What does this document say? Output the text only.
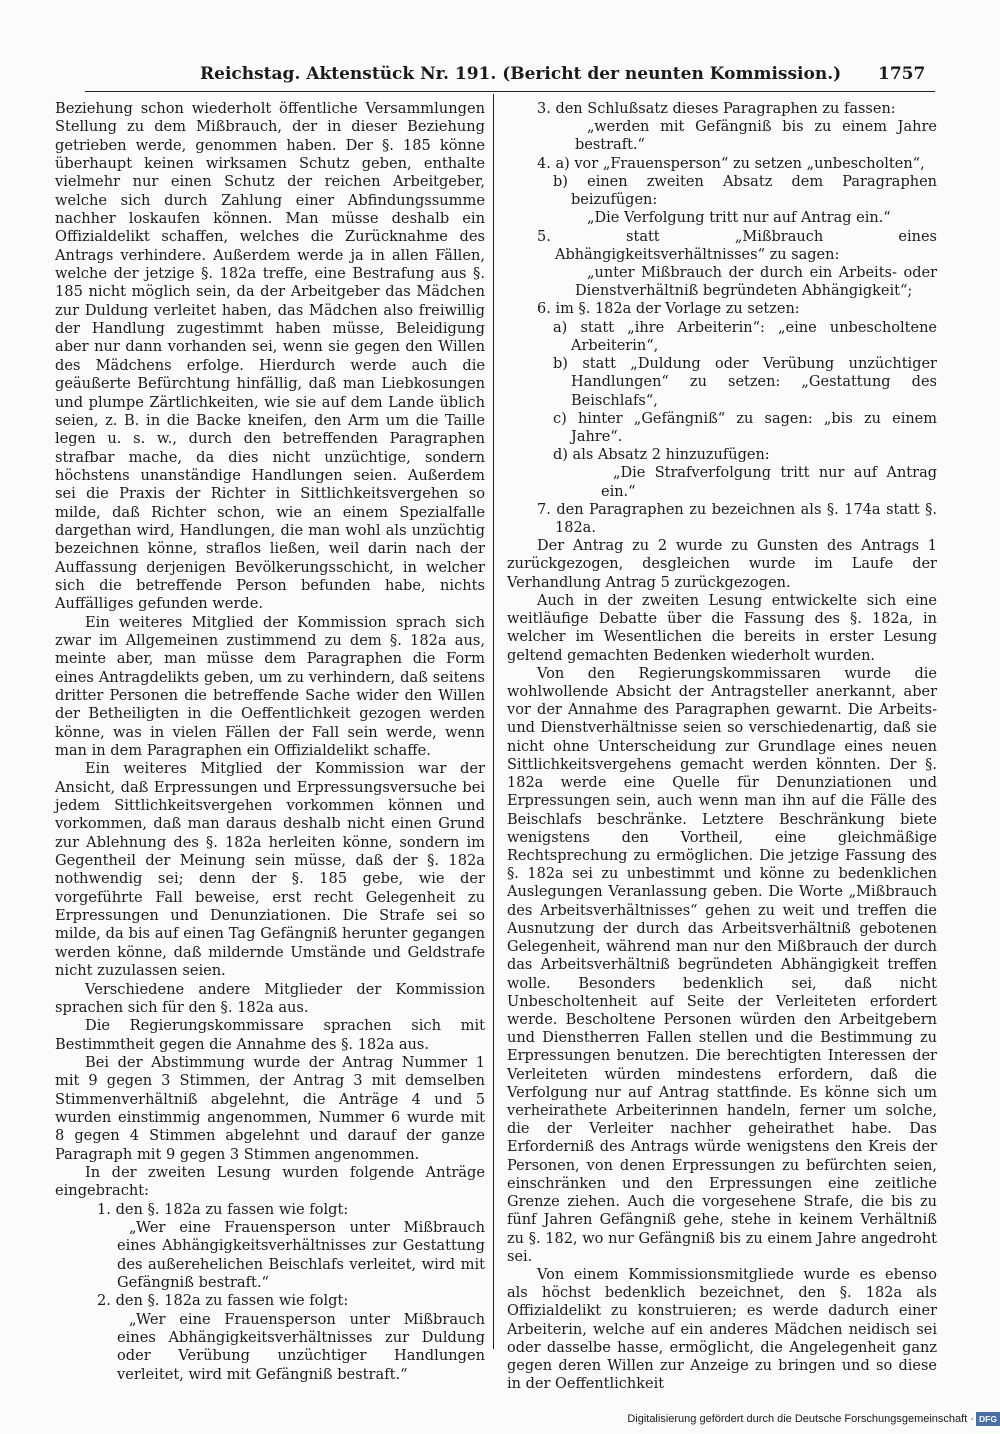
Reichstag. Aktenstück Nr. 191. (Bericht der neunten Kommission.) 1757

Beziehung schon wiederholt öffentliche Versammlungen Stellung zu dem Mißbrauch, der in dieser Beziehung getrieben werde, genommen haben. Der §. 185 könne überhaupt keinen wirksamen Schutz geben, enthalte vielmehr nur einen Schutz der reichen Arbeitgeber, welche sich durch Zahlung einer Abfindungssumme nachher loskaufen können. Man müsse deshalb ein Offizialdelikt schaffen, welches die Zurücknahme des Antrags verhindere. Außerdem werde ja in allen Fällen, welche der jetzige §. 182a treffe, eine Bestrafung aus §. 185 nicht möglich sein, da der Arbeitgeber das Mädchen zur Duldung verleitet haben, das Mädchen also freiwillig der Handlung zugestimmt haben müsse, Beleidigung aber nur dann vorhanden sei, wenn sie gegen den Willen des Mädchens erfolge. Hierdurch werde auch die geäußerte Befürchtung hinfällig, daß man Liebkosungen und plumpe Zärtlichkeiten, wie sie auf dem Lande üblich seien, z. B. in die Backe kneifen, den Arm um die Taille legen u. s. w., durch den betreffenden Paragraphen strafbar mache, da dies nicht unzüchtige, sondern höchstens unanständige Handlungen seien. Außerdem sei die Praxis der Richter in Sittlichkeitsvergehen so milde, daß Richter schon, wie an einem Spezialfalle dargethan wird, Handlungen, die man wohl als unzüchtig bezeichnen könne, straflos ließen, weil darin nach der Auffassung derjenigen Bevölkerungsschicht, in welcher sich die betreffende Person befunden habe, nichts Auffälliges gefunden werde.

Ein weiteres Mitglied der Kommission sprach sich zwar im Allgemeinen zustimmend zu dem §. 182a aus, meinte aber, man müsse dem Paragraphen die Form eines Antragdelikts geben, um zu verhindern, daß seitens dritter Personen die betreffende Sache wider den Willen der Betheiligten in die Oeffentlichkeit gezogen werden könne, was in vielen Fällen der Fall sein werde, wenn man in dem Paragraphen ein Offizialdelikt schaffe.

Ein weiteres Mitglied der Kommission war der Ansicht, daß Erpressungen und Erpressungsversuche bei jedem Sittlichkeitsvergehen vorkommen können und vorkommen, daß man daraus deshalb nicht einen Grund zur Ablehnung des §. 182a herleiten könne, sondern im Gegentheil der Meinung sein müsse, daß der §. 182a nothwendig sei; denn der §. 185 gebe, wie der vorgeführte Fall beweise, erst recht Gelegenheit zu Erpressungen und Denunziationen. Die Strafe sei so milde, da bis auf einen Tag Gefängniß herunter gegangen werden könne, daß mildernde Umstände und Geldstrafe nicht zuzulassen seien.

Verschiedene andere Mitglieder der Kommission sprachen sich für den §. 182a aus.

Die Regierungskommissare sprachen sich mit Bestimmtheit gegen die Annahme des §. 182a aus.

Bei der Abstimmung wurde der Antrag Nummer 1 mit 9 gegen 3 Stimmen, der Antrag 3 mit demselben Stimmenverhältniß abgelehnt, die Anträge 4 und 5 wurden einstimmig angenommen, Nummer 6 wurde mit 8 gegen 4 Stimmen abgelehnt und darauf der ganze Paragraph mit 9 gegen 3 Stimmen angenommen.

In der zweiten Lesung wurden folgende Anträge eingebracht:

1. den §. 182a zu fassen wie folgt:

„Wer eine Frauensperson unter Mißbrauch eines Abhängigkeitsverhältnisses zur Gestattung des außerehelichen Beischlafs verleitet, wird mit Gefängniß bestraft.“

2. den §. 182a zu fassen wie folgt:

„Wer eine Frauensperson unter Mißbrauch eines Abhängigkeitsverhältnisses zur Duldung oder Verübung unzüchtiger Handlungen verleitet, wird mit Gefängniß bestraft.“

3. den Schlußsatz dieses Paragraphen zu fassen:

„werden mit Gefängniß bis zu einem Jahre bestraft.“

4. a) vor „Frauensperson“ zu setzen „unbescholten“,

b) einen zweiten Absatz dem Paragraphen beizufügen:

„Die Verfolgung tritt nur auf Antrag ein.“

5. statt „Mißbrauch eines Abhängigkeitsverhältnisses“ zu sagen:

„unter Mißbrauch der durch ein Arbeits- oder Dienstverhältniß begründeten Abhängigkeit“;

6. im §. 182a der Vorlage zu setzen:

a) statt „ihre Arbeiterin“: „eine unbescholtene Arbeiterin“,

b) statt „Duldung oder Verübung unzüchtiger Handlungen“ zu setzen: „Gestattung des Beischlafs“,

c) hinter „Gefängniß“ zu sagen: „bis zu einem Jahre“.

d) als Absatz 2 hinzuzufügen:

„Die Strafverfolgung tritt nur auf Antrag ein.“

7. den Paragraphen zu bezeichnen als §. 174a statt §. 182a.

Der Antrag zu 2 wurde zu Gunsten des Antrags 1 zurückgezogen, desgleichen wurde im Laufe der Verhandlung Antrag 5 zurückgezogen.

Auch in der zweiten Lesung entwickelte sich eine weitläufige Debatte über die Fassung des §. 182a, in welcher im Wesentlichen die bereits in erster Lesung geltend gemachten Bedenken wiederholt wurden.

Von den Regierungskommissaren wurde die wohlwollende Absicht der Antragsteller anerkannt, aber vor der Annahme des Paragraphen gewarnt. Die Arbeits- und Dienstverhältnisse seien so verschiedenartig, daß sie nicht ohne Unterscheidung zur Grundlage eines neuen Sittlichkeitsvergehens gemacht werden könnten. Der §. 182a werde eine Quelle für Denunziationen und Erpressungen sein, auch wenn man ihn auf die Fälle des Beischlafs beschränke. Letztere Beschränkung biete wenigstens den Vortheil, eine gleichmäßige Rechtsprechung zu ermöglichen. Die jetzige Fassung des §. 182a sei zu unbestimmt und könne zu bedenklichen Auslegungen Veranlassung geben. Die Worte „Mißbrauch des Arbeitsverhältnisses“ gehen zu weit und treffen die Ausnutzung der durch das Arbeitsverhältniß gebotenen Gelegenheit, während man nur den Mißbrauch der durch das Arbeitsverhältniß begründeten Abhängigkeit treffen wolle. Besonders bedenklich sei, daß nicht Unbescholtenheit auf Seite der Verleiteten erfordert werde. Bescholtene Personen würden den Arbeitgebern und Dienstherren Fallen stellen und die Bestimmung zu Erpressungen benutzen. Die berechtigten Interessen der Verleiteten würden mindestens erfordern, daß die Verfolgung nur auf Antrag stattfinde. Es könne sich um verheirathete Arbeiterinnen handeln, ferner um solche, die der Verleiter nachher geheirathet habe. Das Erforderniß des Antrags würde wenigstens den Kreis der Personen, von denen Erpressungen zu befürchten seien, einschränken und den Erpressungen eine zeitliche Grenze ziehen. Auch die vorgesehene Strafe, die bis zu fünf Jahren Gefängniß gehe, stehe in keinem Verhältniß zu §. 182, wo nur Gefängniß bis zu einem Jahre angedroht sei.

Von einem Kommissionsmitgliede wurde es ebenso als höchst bedenklich bezeichnet, den §. 182a als Offizialdelikt zu konstruieren; es werde dadurch einer Arbeiterin, welche auf ein anderes Mädchen neidisch sei oder dasselbe hasse, ermöglicht, die Angelegenheit ganz gegen deren Willen zur Anzeige zu bringen und so diese in der Oeffentlichkeit

Digitalisierung gefördert durch die Deutsche Forschungsgemeinschaft · DFG
